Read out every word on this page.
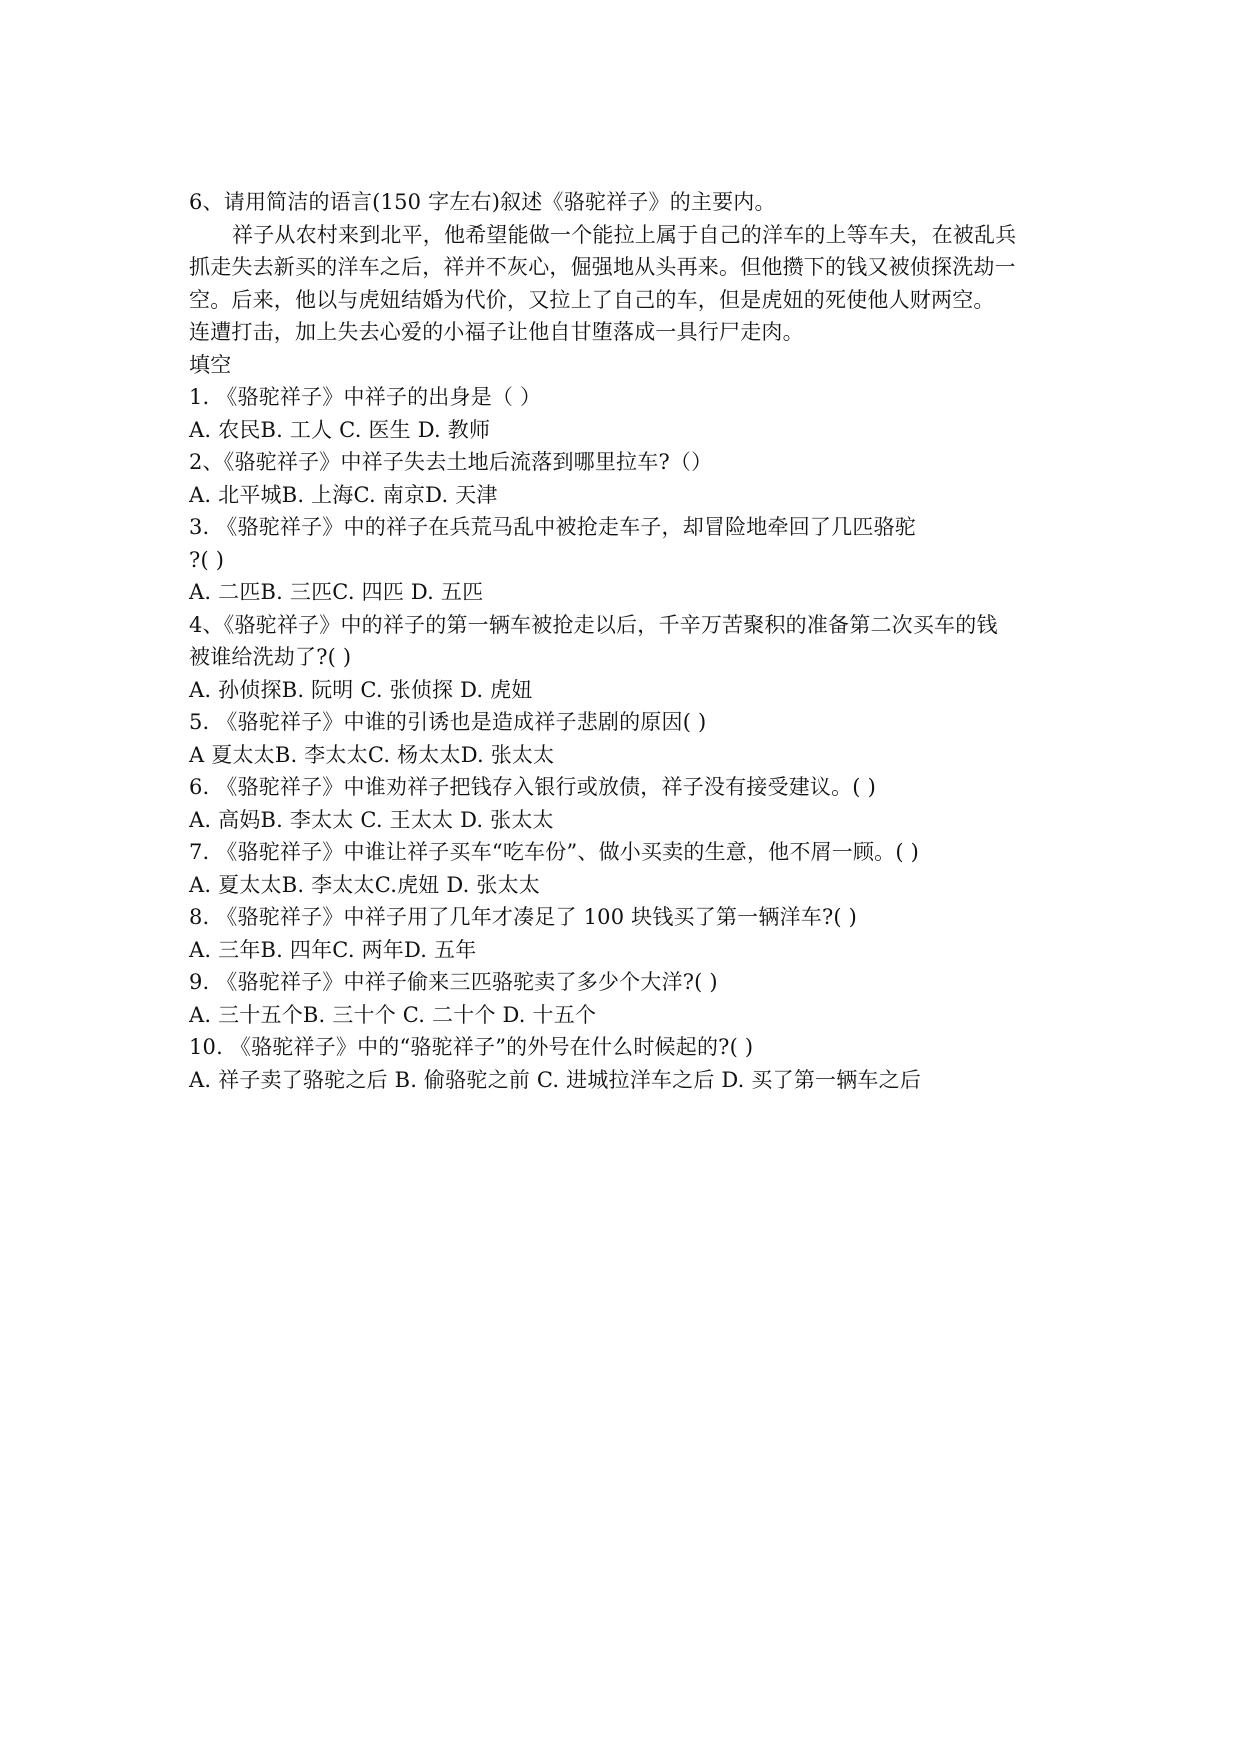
6、请用简洁的语言(150 字左右)叙述《骆驼祥子》的主要内。
祥子从农村来到北平，他希望能做一个能拉上属于自己的洋车的上等车夫，在被乱兵
抓走失去新买的洋车之后，祥并不灰心，倔强地从头再来。但他攒下的钱又被侦探洗劫一
空。后来，他以与虎妞结婚为代价，又拉上了自己的车，但是虎妞的死使他人财两空。
连遭打击，加上失去心爱的小福子让他自甘堕落成一具行尸走肉。
填空
1. 《骆驼祥子》中祥子的出身是（ ）
A. 农民B. 工人 C. 医生 D. 教师
2、《骆驼祥子》中祥子失去土地后流落到哪里拉车?（）
A. 北平城B. 上海C. 南京D. 天津
3. 《骆驼祥子》中的祥子在兵荒马乱中被抢走车子，却冒险地牵回了几匹骆驼
?( )
A. 二匹B. 三匹C. 四匹 D. 五匹
4、《骆驼祥子》中的祥子的第一辆车被抢走以后，千辛万苦聚积的准备第二次买车的钱
被谁给洗劫了?( )
A. 孙侦探B. 阮明 C. 张侦探 D. 虎妞
5. 《骆驼祥子》中谁的引诱也是造成祥子悲剧的原因( )
A 夏太太B. 李太太C. 杨太太D. 张太太
6. 《骆驼祥子》中谁劝祥子把钱存入银行或放债，祥子没有接受建议。( )
A. 高妈B. 李太太 C. 王太太 D. 张太太
7. 《骆驼祥子》中谁让祥子买车“吃车份”、做小买卖的生意，他不屑一顾。( )
A. 夏太太B. 李太太C.虎妞 D. 张太太
8. 《骆驼祥子》中祥子用了几年才凑足了 100 块钱买了第一辆洋车?( )
A. 三年B. 四年C. 两年D. 五年
9. 《骆驼祥子》中祥子偷来三匹骆驼卖了多少个大洋?( )
A. 三十五个B. 三十个 C. 二十个 D. 十五个
10. 《骆驼祥子》中的“骆驼祥子”的外号在什么时候起的?( )
A. 祥子卖了骆驼之后 B. 偷骆驼之前 C. 进城拉洋车之后 D. 买了第一辆车之后
